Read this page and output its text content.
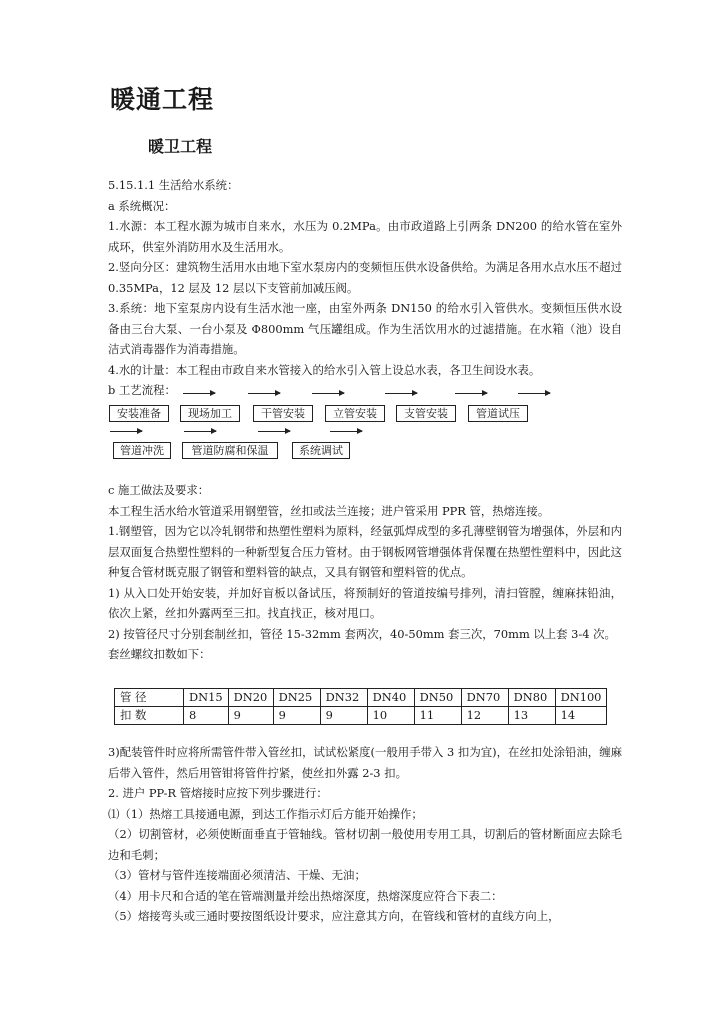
暖通工程
暖卫工程

5.15.1.1 生活给水系统：

a 系统概况：

1.水源：本工程水源为城市自来水，水压为 0.2MPa。由市政道路上引两条 DN200 的给水管在室外成环，供室外消防用水及生活用水。

2.竖向分区：建筑物生活用水由地下室水泵房内的变频恒压供水设备供给。为满足各用水点水压不超过 0.35MPa，12 层及 12 层以下支管前加减压阀。

3.系统：地下室泵房内设有生活水池一座，由室外两条 DN150 的给水引入管供水。变频恒压供水设备由三台大泵、一台小泵及 Φ800mm 气压罐组成。作为生活饮用水的过滤措施。在水箱（池）设自洁式消毒器作为消毒措施。

4.水的计量：本工程由市政自来水管接入的给水引入管上设总水表，各卫生间设水表。

b 工艺流程：

安装准备	现场加工	干管安装	立管安装	支管安装	管道试压
管道冲洗	管道防腐和保温	系统调试

c 施工做法及要求：

本工程生活水给水管道采用钢塑管，丝扣或法兰连接；进户管采用 PPR 管，热熔连接。

1.钢塑管，因为它以冷轧钢带和热塑性塑料为原料，经氩弧焊成型的多孔薄壁钢管为增强体，外层和内层双面复合热塑性塑料的一种新型复合压力管材。由于钢板网管增强体背保覆在热塑性塑料中，因此这种复合管材既克服了钢管和塑料管的缺点，又具有钢管和塑料管的优点。

1) 从入口处开始安装，并加好盲板以备试压，将预制好的管道按编号排列，清扫管膛，缠麻抹铅油，依次上紧，丝扣外露两至三扣。找直找正，核对甩口。

2) 按管径尺寸分别套制丝扣，管径 15-32mm 套两次，40-50mm 套三次，70mm 以上套 3-4 次。

套丝螺纹扣数如下：

管 径	DN15	DN20	DN25	DN32	DN40	DN50	DN70	DN80	DN100
扣 数	8	9	9	9	10	11	12	13	14

3)配装管件时应将所需管件带入管丝扣，试试松紧度(一般用手带入 3 扣为宜)，在丝扣处涂铅油，缠麻后带入管件，然后用管钳将管件拧紧，使丝扣外露 2-3 扣。

2. 进户 PP-R 管熔接时应按下列步骤进行：

⑴（1）热熔工具接通电源，到达工作指示灯后方能开始操作；

（2）切割管材，必须使断面垂直于管轴线。管材切割一般使用专用工具，切割后的管材断面应去除毛边和毛刺；

（3）管材与管件连接端面必须清洁、干燥、无油；

（4）用卡尺和合适的笔在管端测量并绘出热熔深度，热熔深度应符合下表二：

（5）熔接弯头或三通时要按图纸设计要求，应注意其方向，在管线和管材的直线方向上，
